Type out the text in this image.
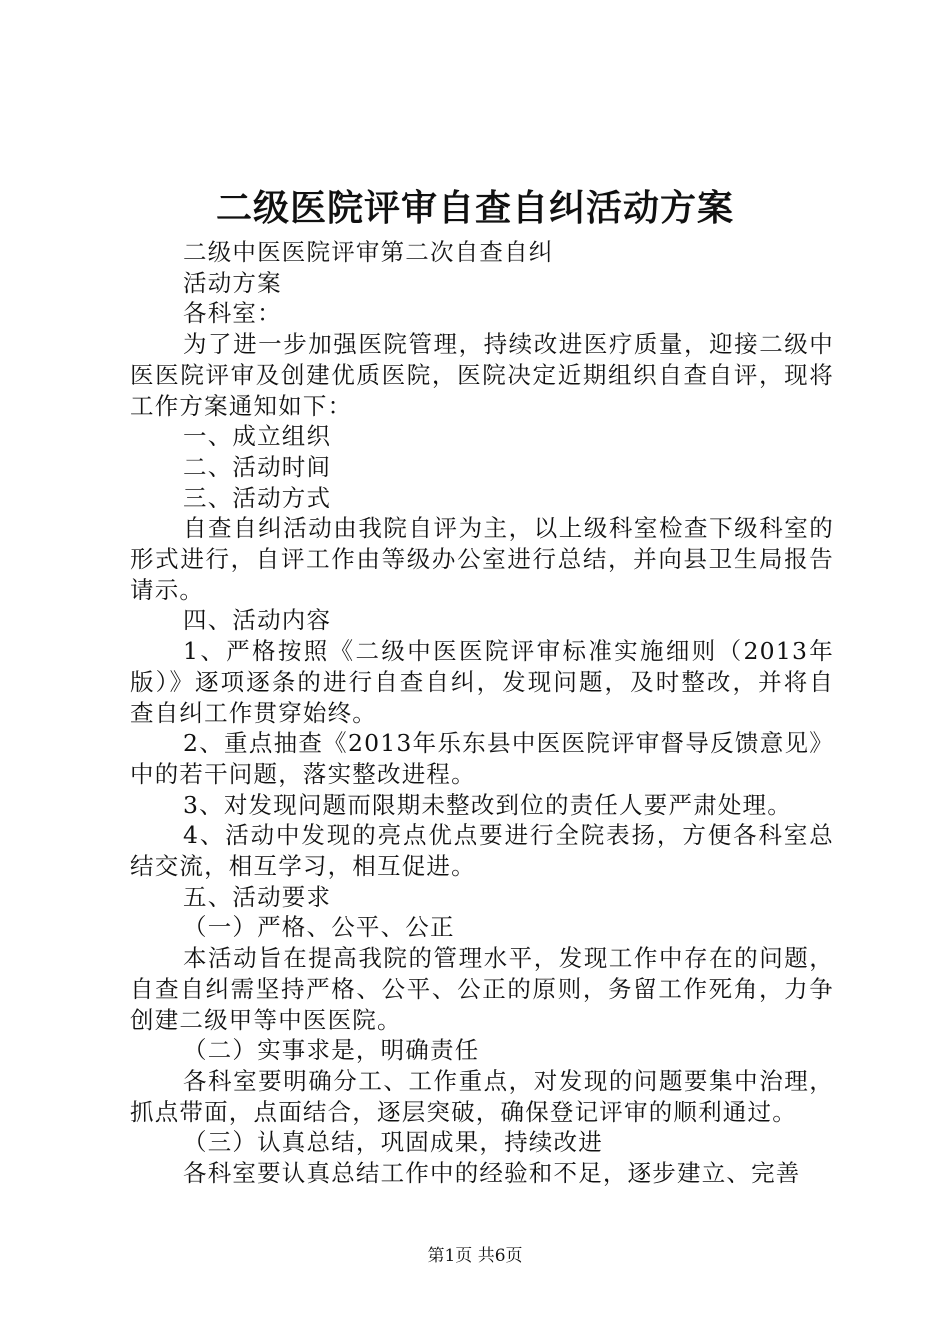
二级医院评审自查自纠活动方案

二级中医医院评审第二次自查自纠

活动方案

各科室：

为了进一步加强医院管理，持续改进医疗质量，迎接二级中医医院评审及创建优质医院，医院决定近期组织自查自评，现将工作方案通知如下：

一、成立组织

二、活动时间

三、活动方式

自查自纠活动由我院自评为主，以上级科室检查下级科室的形式进行，自评工作由等级办公室进行总结，并向县卫生局报告请示。

四、活动内容

1、严格按照《二级中医医院评审标准实施细则（2013年版）》逐项逐条的进行自查自纠，发现问题，及时整改，并将自查自纠工作贯穿始终。

2、重点抽查《2013年乐东县中医医院评审督导反馈意见》中的若干问题，落实整改进程。

3、对发现问题而限期未整改到位的责任人要严肃处理。

4、活动中发现的亮点优点要进行全院表扬，方便各科室总结交流，相互学习，相互促进。

五、活动要求

（一）严格、公平、公正

本活动旨在提高我院的管理水平，发现工作中存在的问题，自查自纠需坚持严格、公平、公正的原则，务留工作死角，力争创建二级甲等中医医院。

（二）实事求是，明确责任

各科室要明确分工、工作重点，对发现的问题要集中治理，抓点带面，点面结合，逐层突破，确保登记评审的顺利通过。

（三）认真总结，巩固成果，持续改进

各科室要认真总结工作中的经验和不足，逐步建立、完善

第1页 共6页
